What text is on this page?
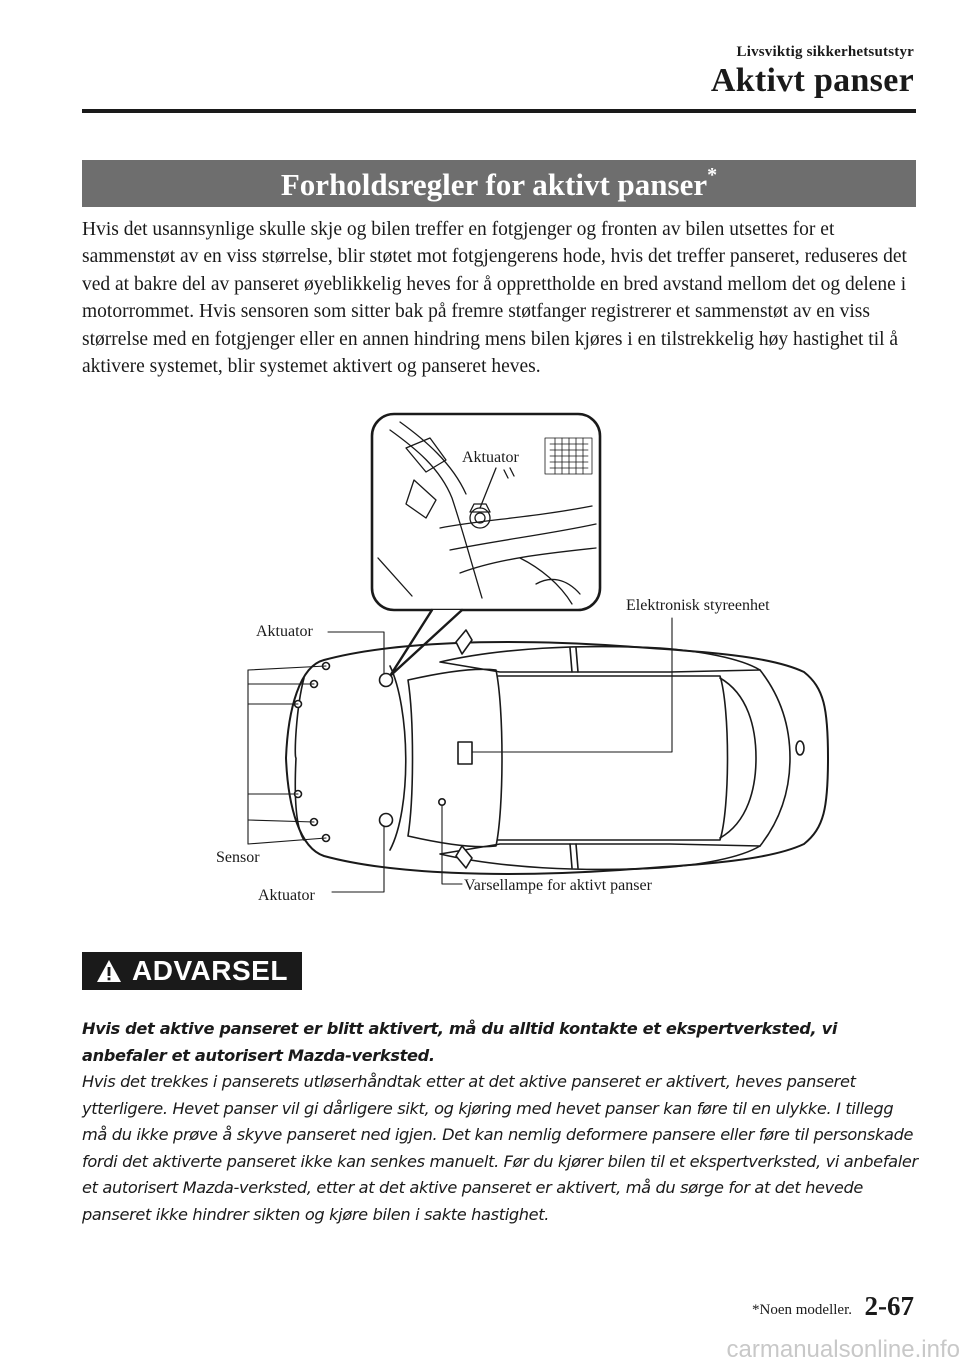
Livsviktig sikkerhetsutstyr
Aktivt panser
Forholdsregler for aktivt panser*
Hvis det usannsynlige skulle skje og bilen treffer en fotgjenger og fronten av bilen utsettes for et sammenstøt av en viss størrelse, blir støtet mot fotgjengerens hode, hvis det treffer panseret, reduseres det ved at bakre del av panseret øyeblikkelig heves for å opprettholde en bred avstand mellom det og delene i motorrommet. Hvis sensoren som sitter bak på fremre støtfanger registrerer et sammenstøt av en viss størrelse med en fotgjenger eller en annen hindring mens bilen kjøres i en tilstrekkelig høy hastighet til å aktivere systemet, blir systemet aktivert og panseret heves.
Aktuator
Aktuator
Aktuator
Sensor
Elektronisk styreenhet
Varsellampe for aktivt panser
ADVARSEL
Hvis det aktive panseret er blitt aktivert, må du alltid kontakte et ekspertverksted, vi anbefaler et autorisert Mazda-verksted.
Hvis det trekkes i panserets utløserhåndtak etter at det aktive panseret er aktivert, heves panseret ytterligere. Hevet panser vil gi dårligere sikt, og kjøring med hevet panser kan føre til en ulykke. I tillegg må du ikke prøve å skyve panseret ned igjen. Det kan nemlig deformere pansere eller føre til personskade fordi det aktiverte panseret ikke kan senkes manuelt. Før du kjører bilen til et ekspertverksted, vi anbefaler et autorisert Mazda-verksted, etter at det aktive panseret er aktivert, må du sørge for at det hevede panseret ikke hindrer sikten og kjøre bilen i sakte hastighet.
*Noen modeller. 2-67
carmanualsonline.info
